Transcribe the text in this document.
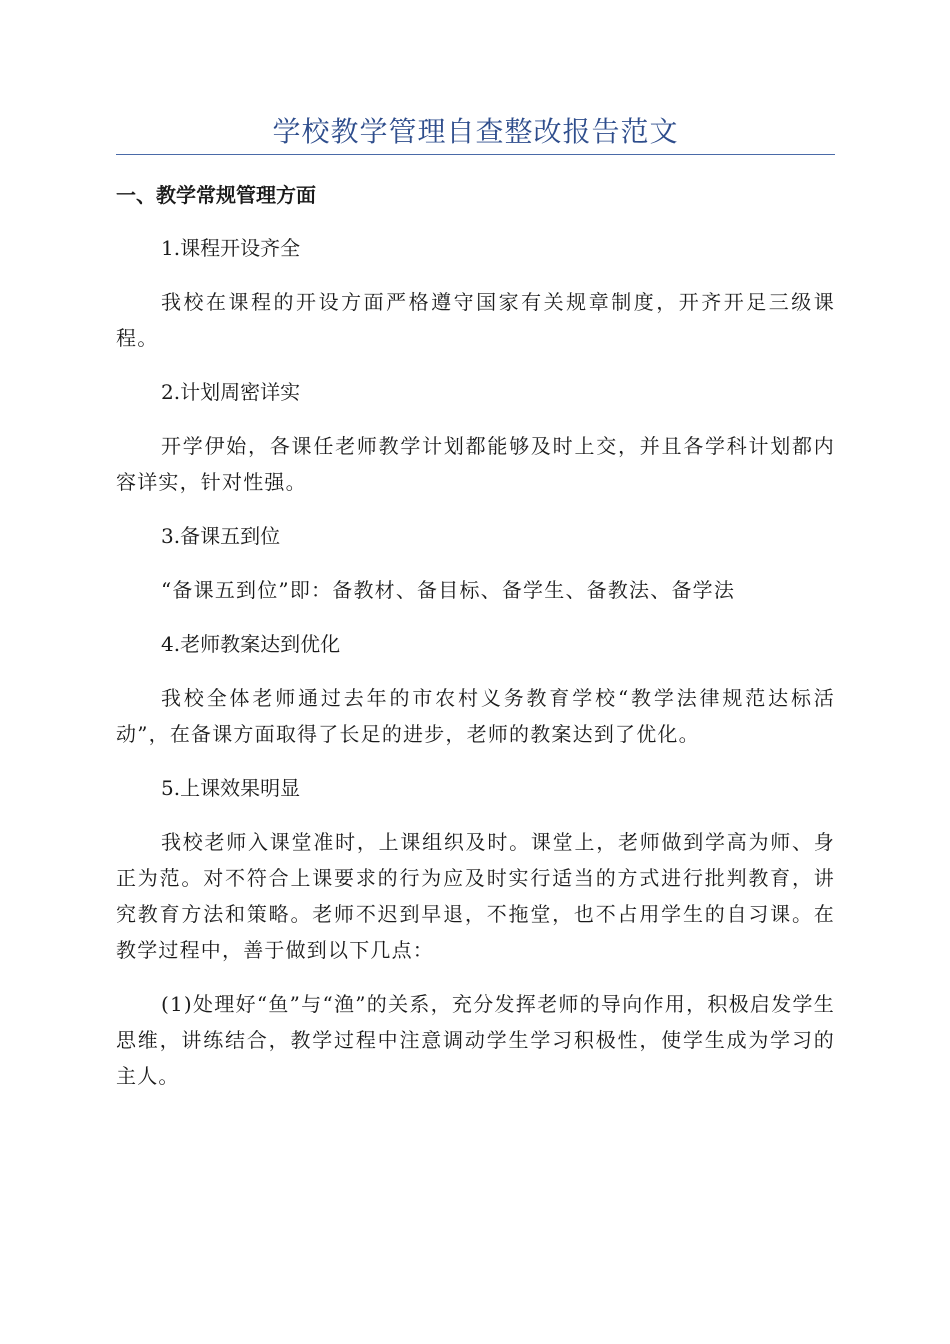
学校教学管理自查整改报告范文
一、教学常规管理方面

1.课程开设齐全

我校在课程的开设方面严格遵守国家有关规章制度，开齐开足三级课程。

2.计划周密详实

开学伊始，各课任老师教学计划都能够及时上交，并且各学科计划都内容详实，针对性强。

3.备课五到位

“备课五到位”即：备教材、备目标、备学生、备教法、备学法

4.老师教案达到优化

我校全体老师通过去年的市农村义务教育学校“教学法律规范达标活动”，在备课方面取得了长足的进步，老师的教案达到了优化。

5.上课效果明显

我校老师入课堂准时，上课组织及时。课堂上，老师做到学高为师、身正为范。对不符合上课要求的行为应及时实行适当的方式进行批判教育，讲究教育方法和策略。老师不迟到早退，不拖堂，也不占用学生的自习课。在教学过程中，善于做到以下几点：

(1)处理好“鱼”与“渔”的关系，充分发挥老师的导向作用，积极启发学生思维，讲练结合，教学过程中注意调动学生学习积极性，使学生成为学习的主人。
